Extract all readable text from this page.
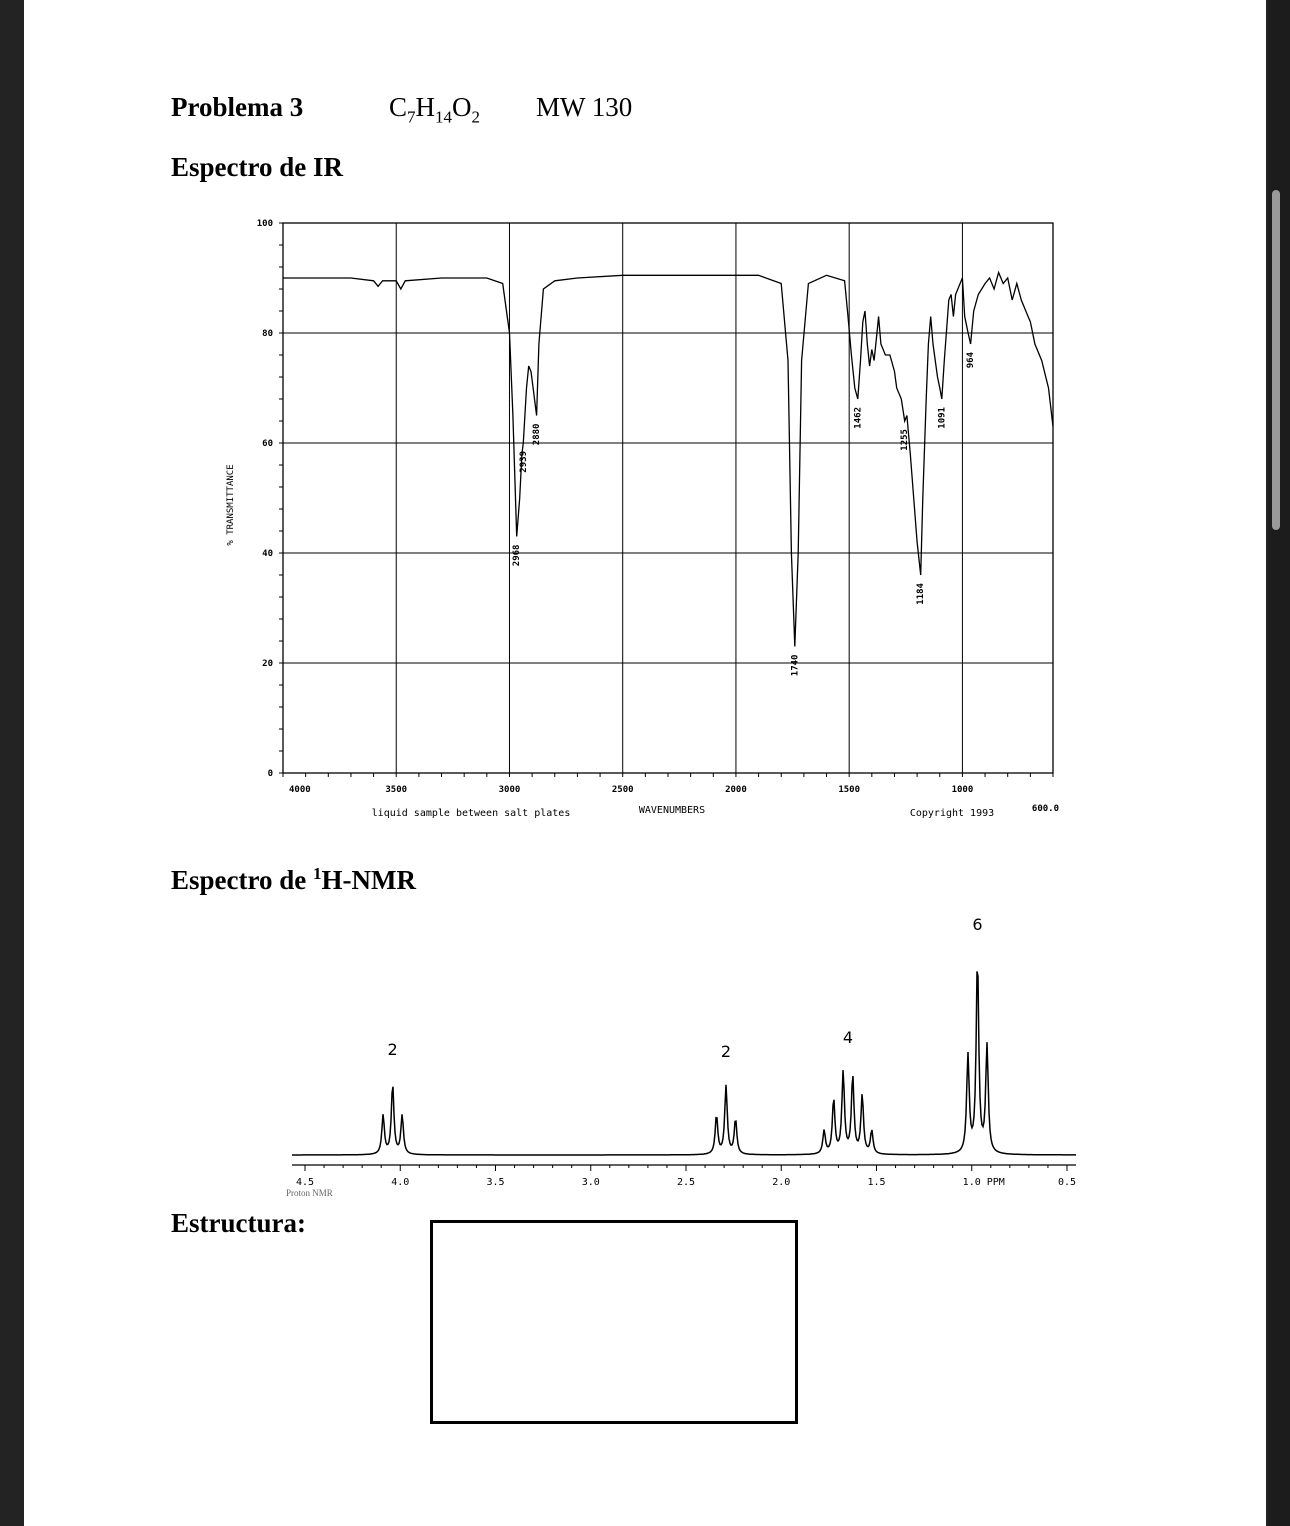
Problema 3	$C_7H_{14}O_2$ MW 130
Espectro de IR
Espectro de $^1$H-NMR
Estructura:
100
80
60
40
20
0
4000	3500	3000	2500	2000	1500	1000
600.0
2968
2939
2880
1740
1462
1255
1184
1091
964
% TRANSMITTANCE
WAVENUMBERS
liquid sample between salt plates	Copyright 1993
4.5	4.0	3.5	3.0	2.5	2.0	1.5	1.0 PPM	0.5
2	2
4
6
Proton NMR
